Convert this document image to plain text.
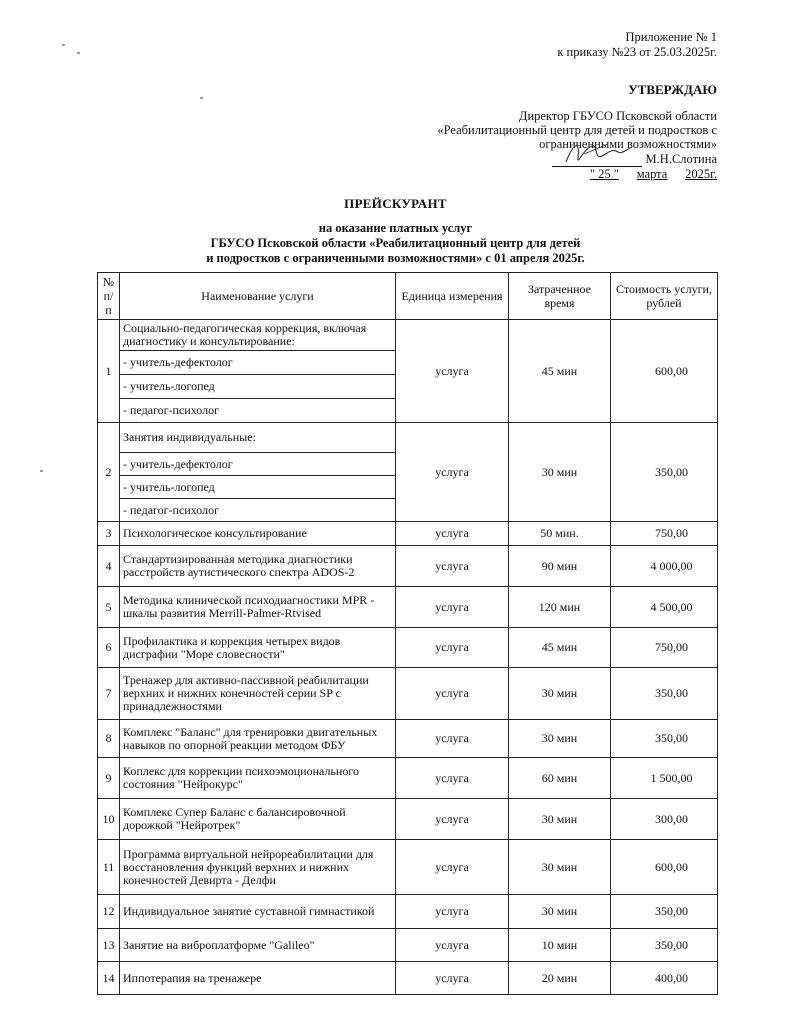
Приложение № 1
к приказу №23 от 25.03.2025г.
УТВЕРЖДАЮ
Директор ГБУСО Псковской области
«Реабилитационный центр для детей и подростков с
ограниченными возможностями»
М.Н.Слотина
" 25 " марта 2025г.
ПРЕЙСКУРАНТ
на оказание платных услуг
ГБУСО Псковской области «Реабилитационный центр для детей
и подростков с ограниченными возможностями» с 01 апреля 2025г.
№ п/п	Наименование услуги	Единица измерения	Затраченное время	Стоимость услуги, рублей
1	Социально-педагогическая коррекция, включая диагностику и консультирование:	услуга	45 мин	600,00
	- учитель-дефектолог			
	- учитель-логопед			
	- педагог-психолог			
2	Занятия индивидуальные:	услуга	30 мин	350,00
	- учитель-дефектолог			
	- учитель-логопед			
	- педагог-психолог			
3	Психологическое консультирование	услуга	50 мин.	750,00
4	Стандартизированная методика диагностики расстройств аутистического спектра ADOS-2	услуга	90 мин	4 000,00
5	Методика клинической психодиагностики MPR - шкалы развития Merrill-Palmer-Rtvised	услуга	120 мин	4 500,00
6	Профилактика и коррекция четырех видов дисграфии "Море словесности"	услуга	45 мин	750,00
7	Тренажер для активно-пассивной реабилитации верхних и нижних конечностей серии SP с принадлежностями	услуга	30 мин	350,00
8	Комплекс "Баланс" для тренировки двигательных навыков по опорной реакции методом ФБУ	услуга	30 мин	350,00
9	Коплекс для коррекции психоэмоционального состояния "Нейрокурс"	услуга	60 мин	1 500,00
10	Комплекс Супер Баланс с балансировочной дорожкой "Нейротрек"	услуга	30 мин	300,00
11	Программа виртуальной нейрореабилитации для восстановления функций верхних и нижних конечностей Девирта - Делфи	услуга	30 мин	600,00
12	Индивидуальное занятие суставной гимнастикой	услуга	30 мин	350,00
13	Занятие на виброплатформе "Galileo"	услуга	10 мин	350,00
14	Иппотерапия на тренажере	услуга	20 мин	400,00
